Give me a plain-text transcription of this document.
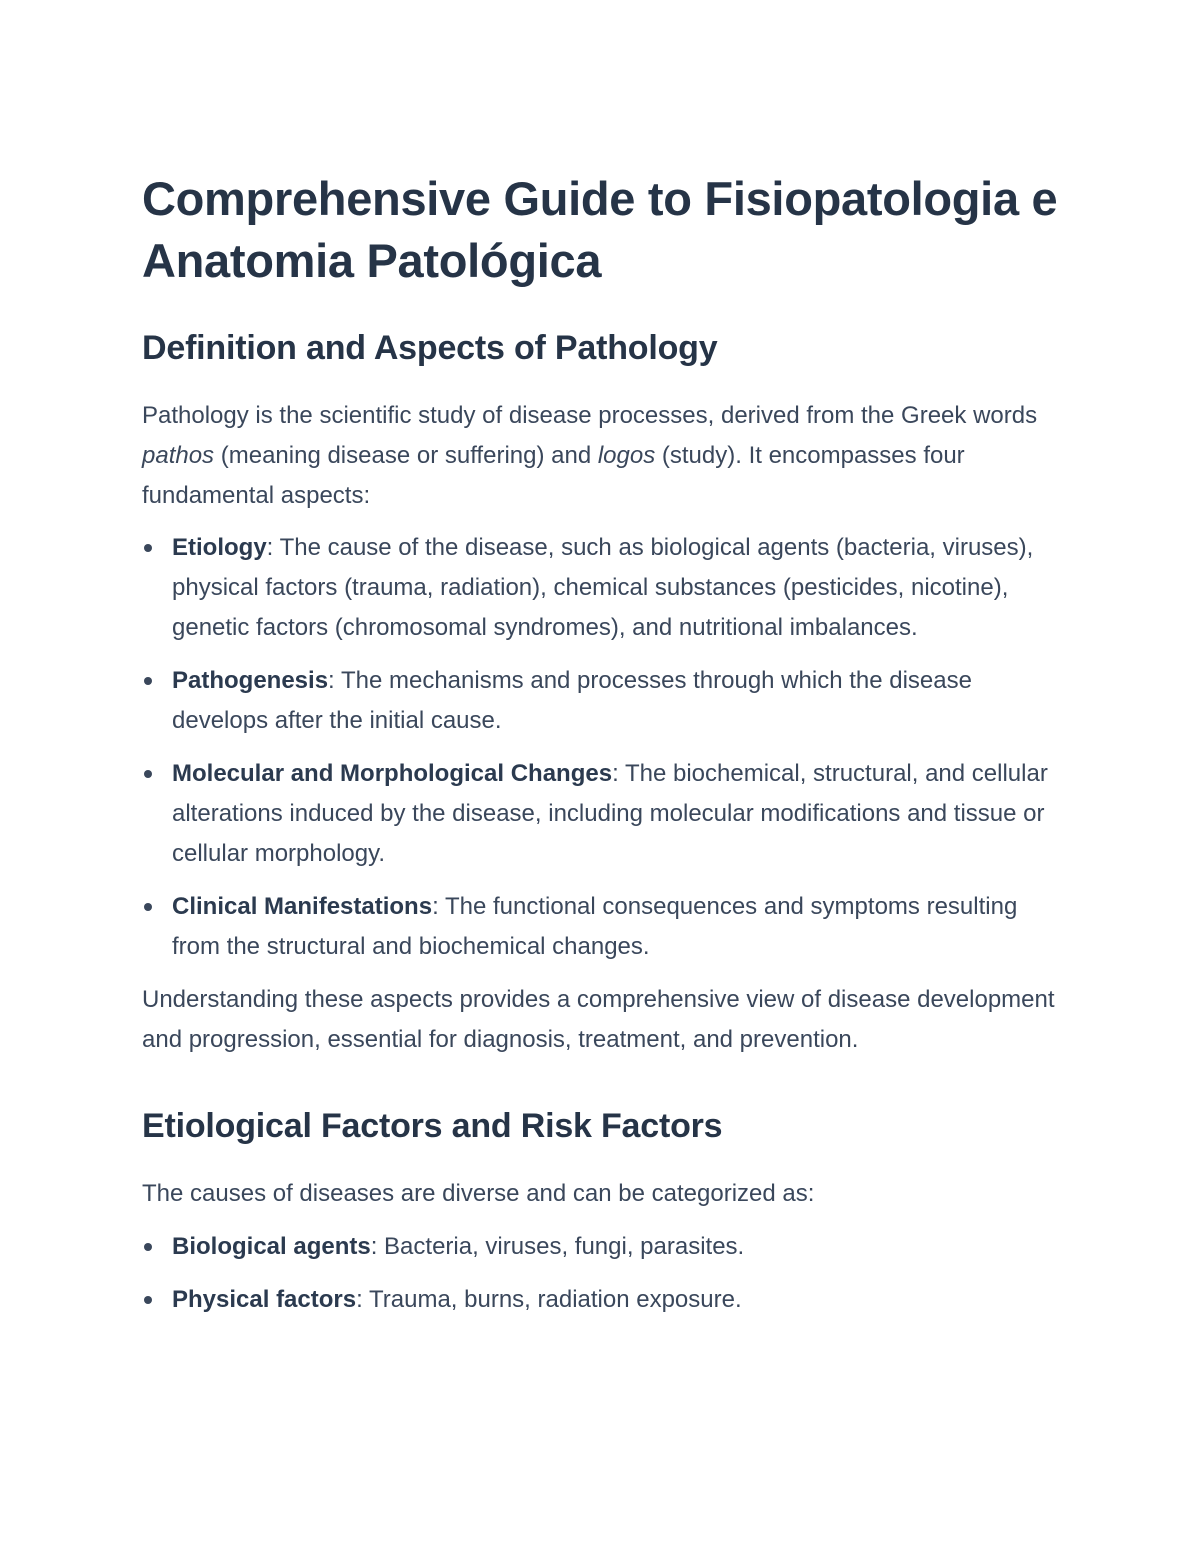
Comprehensive Guide to Fisiopatologia e Anatomia Patológica
Definition and Aspects of Pathology

Pathology is the scientific study of disease processes, derived from the Greek words pathos (meaning disease or suffering) and logos (study). It encompasses four fundamental aspects:

Etiology: The cause of the disease, such as biological agents (bacteria, viruses), physical factors (trauma, radiation), chemical substances (pesticides, nicotine), genetic factors (chromosomal syndromes), and nutritional imbalances.
Pathogenesis: The mechanisms and processes through which the disease develops after the initial cause.
Molecular and Morphological Changes: The biochemical, structural, and cellular alterations induced by the disease, including molecular modifications and tissue or cellular morphology.
Clinical Manifestations: The functional consequences and symptoms resulting from the structural and biochemical changes.

Understanding these aspects provides a comprehensive view of disease development and progression, essential for diagnosis, treatment, and prevention.

Etiological Factors and Risk Factors

The causes of diseases are diverse and can be categorized as:

Biological agents: Bacteria, viruses, fungi, parasites.
Physical factors: Trauma, burns, radiation exposure.
